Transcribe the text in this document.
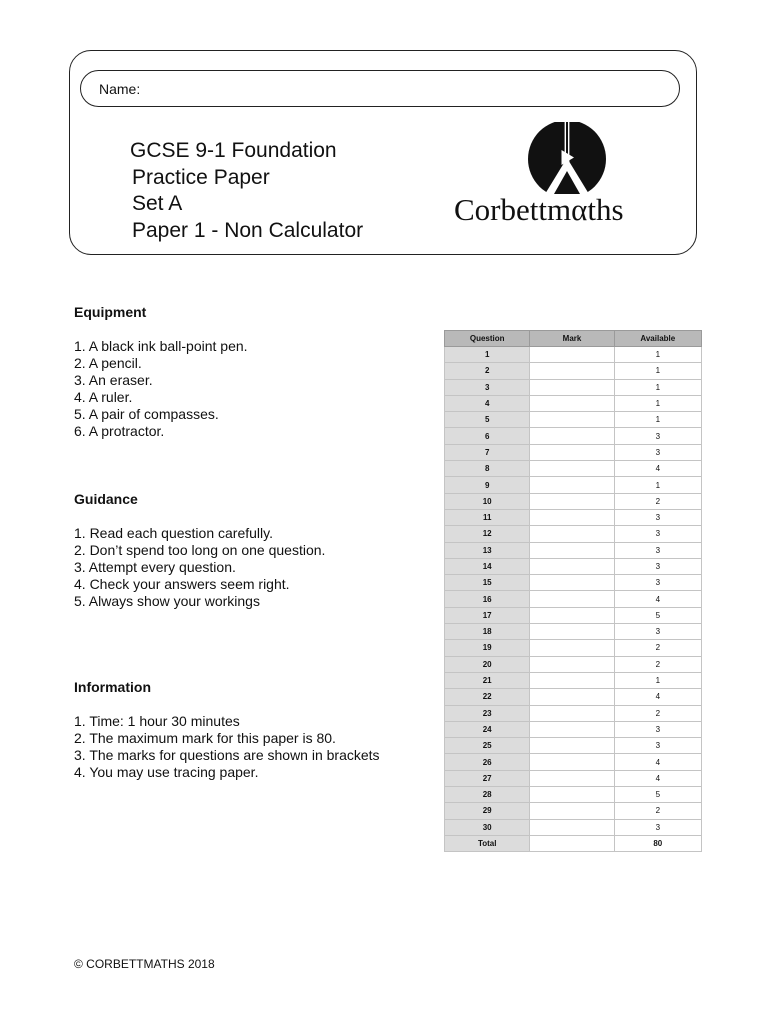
Name:
GCSE 9-1 Foundation
Practice Paper
Set A
Paper 1 - Non Calculator
Corbettmαths
Equipment
1. A black ink ball-point pen.
2. A pencil.
3. An eraser.
4. A ruler.
5. A pair of compasses.
6. A protractor.
Guidance
1. Read each question carefully.
2. Don’t spend too long on one question.
3. Attempt every question.
4. Check your answers seem right.
5. Always show your workings
Information
1. Time: 1 hour 30 minutes
2. The maximum mark for this paper is 80.
3. The marks for questions are shown in brackets
4. You may use tracing paper.
Question	Mark	Available
1		1
2		1
3		1
4		1
5		1
6		3
7		3
8		4
9		1
10		2
11		3
12		3
13		3
14		3
15		3
16		4
17		5
18		3
19		2
20		2
21		1
22		4
23		2
24		3
25		3
26		4
27		4
28		5
29		2
30		3
Total		80
© CORBETTMATHS 2018
